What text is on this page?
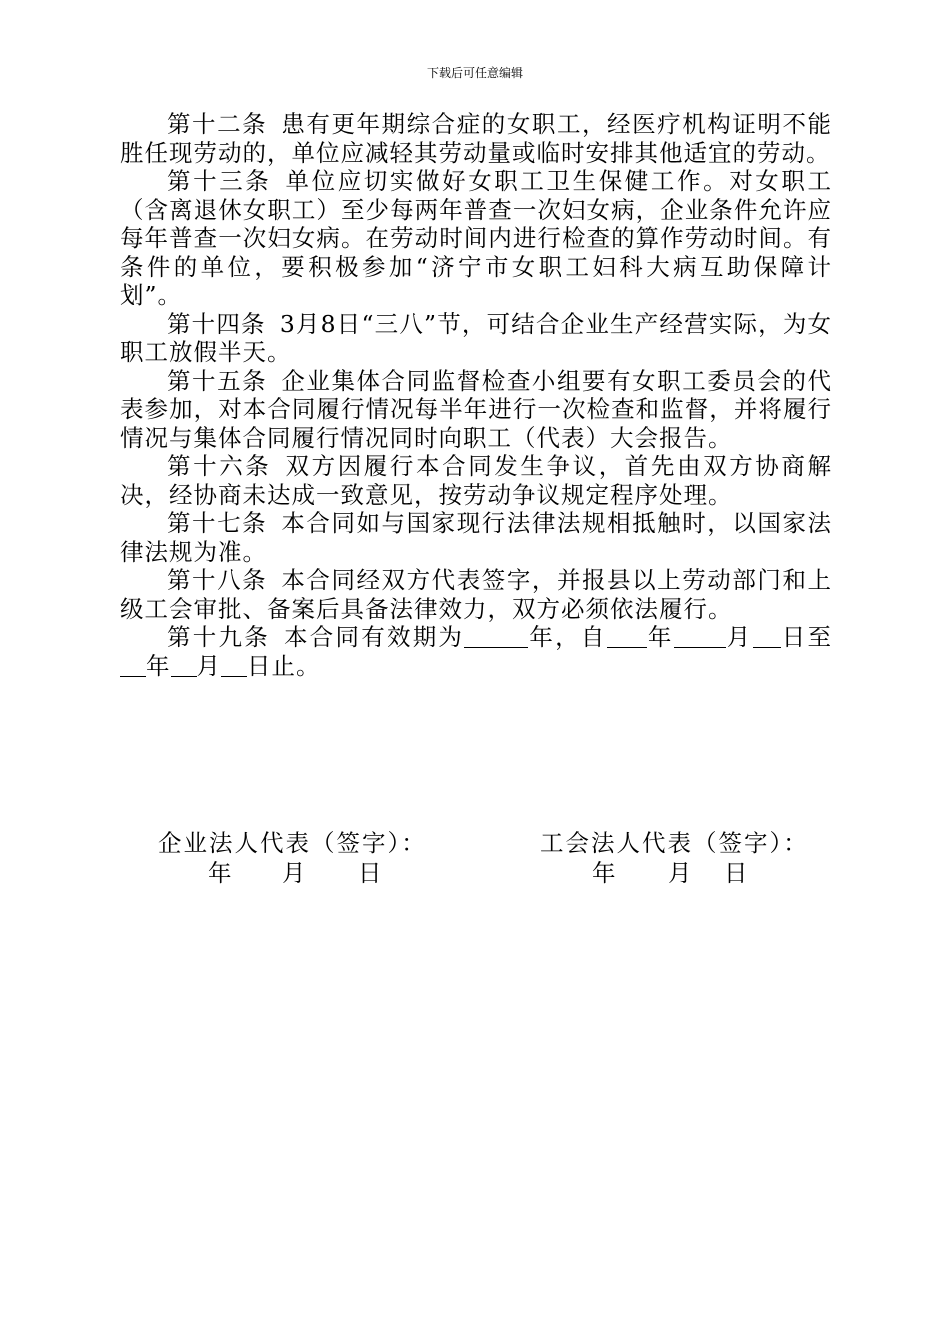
下载后可任意编辑

第十二条 患有更年期综合症的女职工，经医疗机构证明不能胜任现劳动的，单位应减轻其劳动量或临时安排其他适宜的劳动。

第十三条 单位应切实做好女职工卫生保健工作。对女职工（含离退休女职工）至少每两年普查一次妇女病，企业条件允许应每年普查一次妇女病。在劳动时间内进行检查的算作劳动时间。有条件的单位，要积极参加“济宁市女职工妇科大病互助保障计划”。

第十四条 3月8日“三八”节，可结合企业生产经营实际，为女职工放假半天。

第十五条 企业集体合同监督检查小组要有女职工委员会的代表参加，对本合同履行情况每半年进行一次检查和监督，并将履行情况与集体合同履行情况同时向职工（代表）大会报告。

第十六条 双方因履行本合同发生争议，首先由双方协商解决，经协商未达成一致意见，按劳动争议规定程序处理。

第十七条 本合同如与国家现行法律法规相抵触时，以国家法律法规为准。

第十八条 本合同经双方代表签字，并报县以上劳动部门和上级工会审批、备案后具备法律效力，双方必须依法履行。

第十九条 本合同有效期为	年，自 年 月 日至年 月 日止。

企业法人代表（签字）：
年 月 日
工会法人代表（签字）：
年 月 日
